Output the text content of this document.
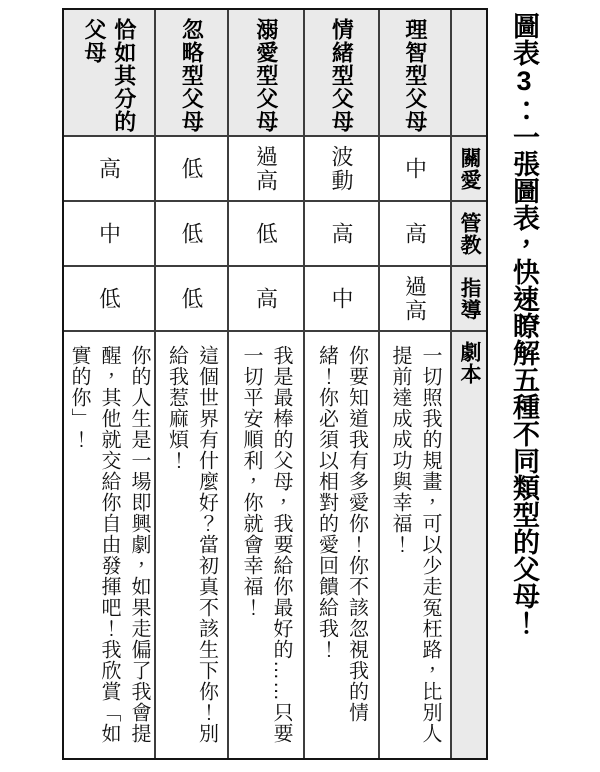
圖表3：一張圖表，快速瞭解五種不同類型的父母！
恰如其分的父母	忽略型父母 溺愛型父母 情緒型父母 理智型父母
高	低 過高 波動 中 關愛
中	低 低 高 高 管教
低	低 高 中 過高 指導
你的人生是一場即興劇，如果走偏了我會提醒，其他就交給你自由發揮吧！我欣賞「如實的你」！	這個世界有什麼好？當初真不該生下你！別給我惹麻煩！	我是最棒的父母，我要給你最好的……只要一切平安順利，你就會幸福！	你要知道我有多愛你！你不該忽視我的情緒！你必須以相對的愛回饋給我！	一切照我的規畫，可以少走冤枉路，比別人提前達成成功與幸福！	劇本
